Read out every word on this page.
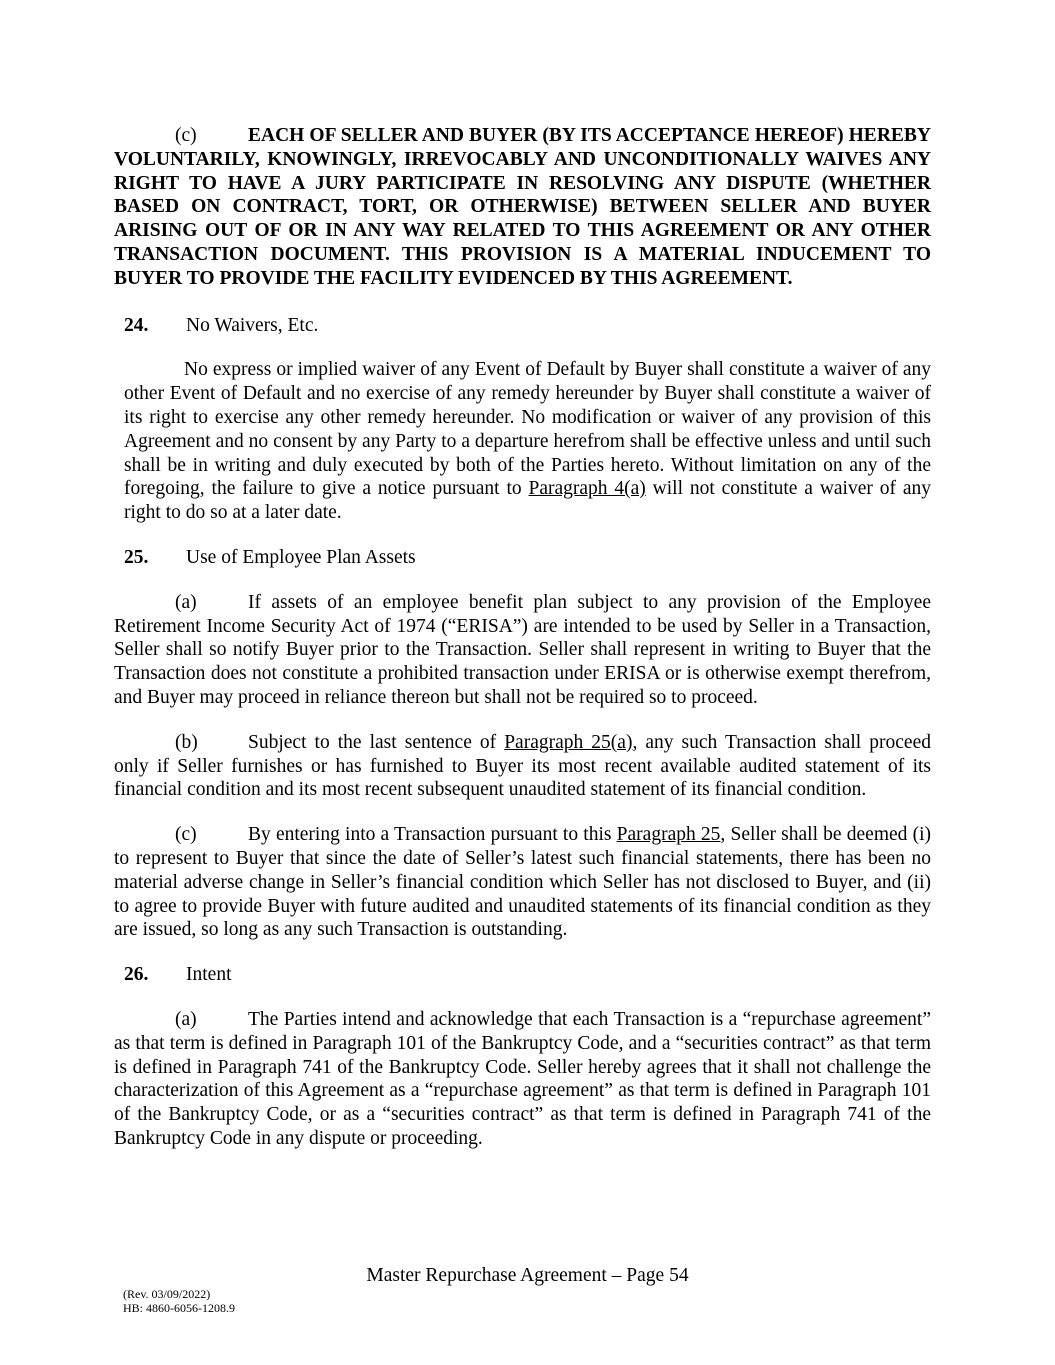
(c)	EACH OF SELLER AND BUYER (BY ITS ACCEPTANCE HEREOF) HEREBY VOLUNTARILY, KNOWINGLY, IRREVOCABLY AND UNCONDITIONALLY WAIVES ANY RIGHT TO HAVE A JURY PARTICIPATE IN RESOLVING ANY DISPUTE (WHETHER BASED ON CONTRACT, TORT, OR OTHERWISE) BETWEEN SELLER AND BUYER ARISING OUT OF OR IN ANY WAY RELATED TO THIS AGREEMENT OR ANY OTHER TRANSACTION DOCUMENT. THIS PROVISION IS A MATERIAL INDUCEMENT TO BUYER TO PROVIDE THE FACILITY EVIDENCED BY THIS AGREEMENT.

24. No Waivers, Etc.

No express or implied waiver of any Event of Default by Buyer shall constitute a waiver of any other Event of Default and no exercise of any remedy hereunder by Buyer shall constitute a waiver of its right to exercise any other remedy hereunder. No modification or waiver of any provision of this Agreement and no consent by any Party to a departure herefrom shall be effective unless and until such shall be in writing and duly executed by both of the Parties hereto. Without limitation on any of the foregoing, the failure to give a notice pursuant to Paragraph 4(a) will not constitute a waiver of any right to do so at a later date.

25. Use of Employee Plan Assets

(a)	If assets of an employee benefit plan subject to any provision of the Employee Retirement Income Security Act of 1974 (“ERISA”) are intended to be used by Seller in a Transaction, Seller shall so notify Buyer prior to the Transaction. Seller shall represent in writing to Buyer that the Transaction does not constitute a prohibited transaction under ERISA or is otherwise exempt therefrom, and Buyer may proceed in reliance thereon but shall not be required so to proceed.

(b)	Subject to the last sentence of Paragraph 25(a), any such Transaction shall proceed only if Seller furnishes or has furnished to Buyer its most recent available audited statement of its financial condition and its most recent subsequent unaudited statement of its financial condition.

(c)	By entering into a Transaction pursuant to this Paragraph 25, Seller shall be deemed (i) to represent to Buyer that since the date of Seller’s latest such financial statements, there has been no material adverse change in Seller’s financial condition which Seller has not disclosed to Buyer, and (ii) to agree to provide Buyer with future audited and unaudited statements of its financial condition as they are issued, so long as any such Transaction is outstanding.

26. Intent

(a)	The Parties intend and acknowledge that each Transaction is a “repurchase agreement” as that term is defined in Paragraph 101 of the Bankruptcy Code, and a “securities contract” as that term is defined in Paragraph 741 of the Bankruptcy Code. Seller hereby agrees that it shall not challenge the characterization of this Agreement as a “repurchase agreement” as that term is defined in Paragraph 101 of the Bankruptcy Code, or as a “securities contract” as that term is defined in Paragraph 741 of the Bankruptcy Code in any dispute or proceeding.

Master Repurchase Agreement – Page 54
(Rev. 03/09/2022)
HB: 4860-6056-1208.9
